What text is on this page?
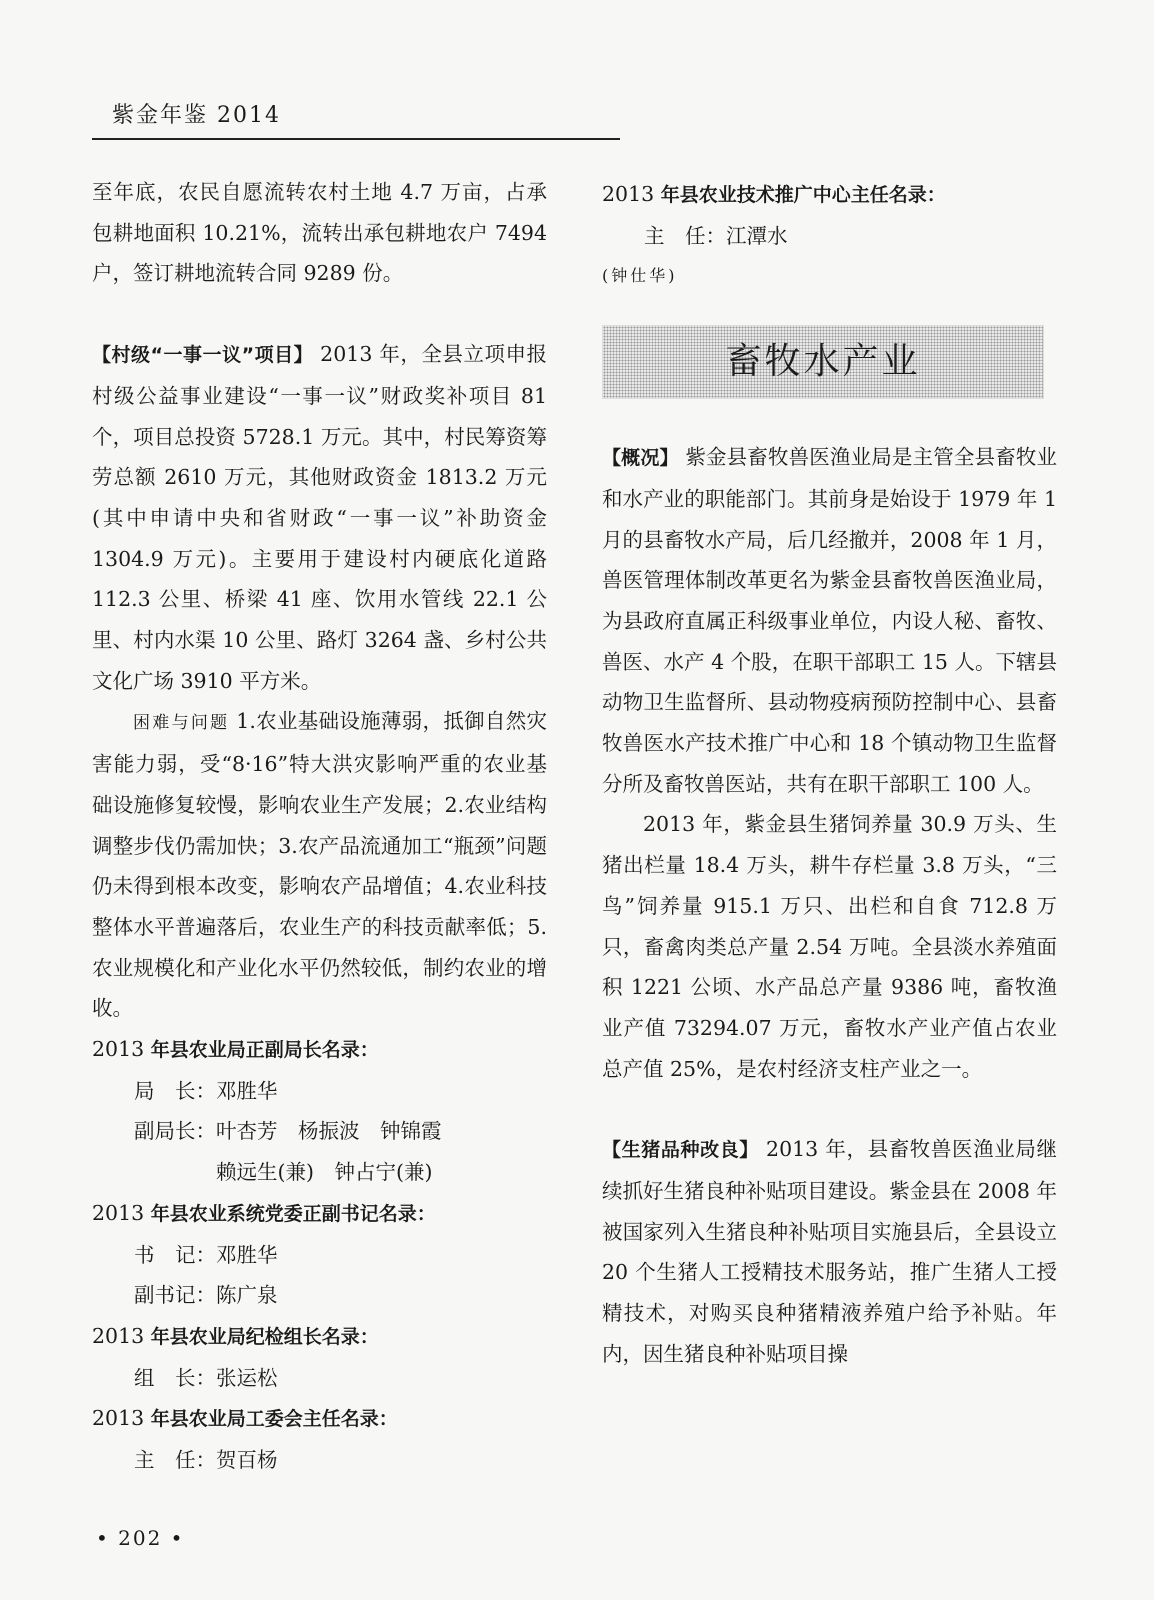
紫金年鉴 2014

至年底，农民自愿流转农村土地 4.7 万亩，占承包耕地面积 10.21%，流转出承包耕地农户 7494 户，签订耕地流转合同 9289 份。

【村级“一事一议”项目】 2013 年，全县立项申报村级公益事业建设“一事一议”财政奖补项目 81 个，项目总投资 5728.1 万元。其中，村民筹资筹劳总额 2610 万元，其他财政资金 1813.2 万元(其中申请中央和省财政“一事一议”补助资金 1304.9 万元)。主要用于建设村内硬底化道路 112.3 公里、桥梁 41 座、饮用水管线 22.1 公里、村内水渠 10 公里、路灯 3264 盏、乡村公共文化广场 3910 平方米。

困难与问题 1.农业基础设施薄弱，抵御自然灾害能力弱，受“8·16”特大洪灾影响严重的农业基础设施修复较慢，影响农业生产发展；2.农业结构调整步伐仍需加快；3.农产品流通加工“瓶颈”问题仍未得到根本改变，影响农产品增值；4.农业科技整体水平普遍落后，农业生产的科技贡献率低；5.农业规模化和产业化水平仍然较低，制约农业的增收。

2013 年县农业局正副局长名录：

局　长：邓胜华

副局长：叶杏芳　杨振波　钟锦霞

赖远生(兼)　钟占宁(兼)

2013 年县农业系统党委正副书记名录：

书　记：邓胜华

副书记：陈广泉

2013 年县农业局纪检组长名录：

组　长：张运松

2013 年县农业局工委会主任名录：

主　任：贺百杨

2013 年县农业技术推广中心主任名录：

主　任：江潭水

(钟仕华)

畜牧水产业

【概况】 紫金县畜牧兽医渔业局是主管全县畜牧业和水产业的职能部门。其前身是始设于 1979 年 1 月的县畜牧水产局，后几经撤并，2008 年 1 月，兽医管理体制改革更名为紫金县畜牧兽医渔业局，为县政府直属正科级事业单位，内设人秘、畜牧、兽医、水产 4 个股，在职干部职工 15 人。下辖县动物卫生监督所、县动物疫病预防控制中心、县畜牧兽医水产技术推广中心和 18 个镇动物卫生监督分所及畜牧兽医站，共有在职干部职工 100 人。

2013 年，紫金县生猪饲养量 30.9 万头、生猪出栏量 18.4 万头，耕牛存栏量 3.8 万头，“三鸟”饲养量 915.1 万只、出栏和自食 712.8 万只，畜禽肉类总产量 2.54 万吨。全县淡水养殖面积 1221 公顷、水产品总产量 9386 吨，畜牧渔业产值 73294.07 万元，畜牧水产业产值占农业总产值 25%，是农村经济支柱产业之一。

【生猪品种改良】 2013 年，县畜牧兽医渔业局继续抓好生猪良种补贴项目建设。紫金县在 2008 年被国家列入生猪良种补贴项目实施县后，全县设立 20 个生猪人工授精技术服务站，推广生猪人工授精技术，对购买良种猪精液养殖户给予补贴。年内，因生猪良种补贴项目操

• 202 •
